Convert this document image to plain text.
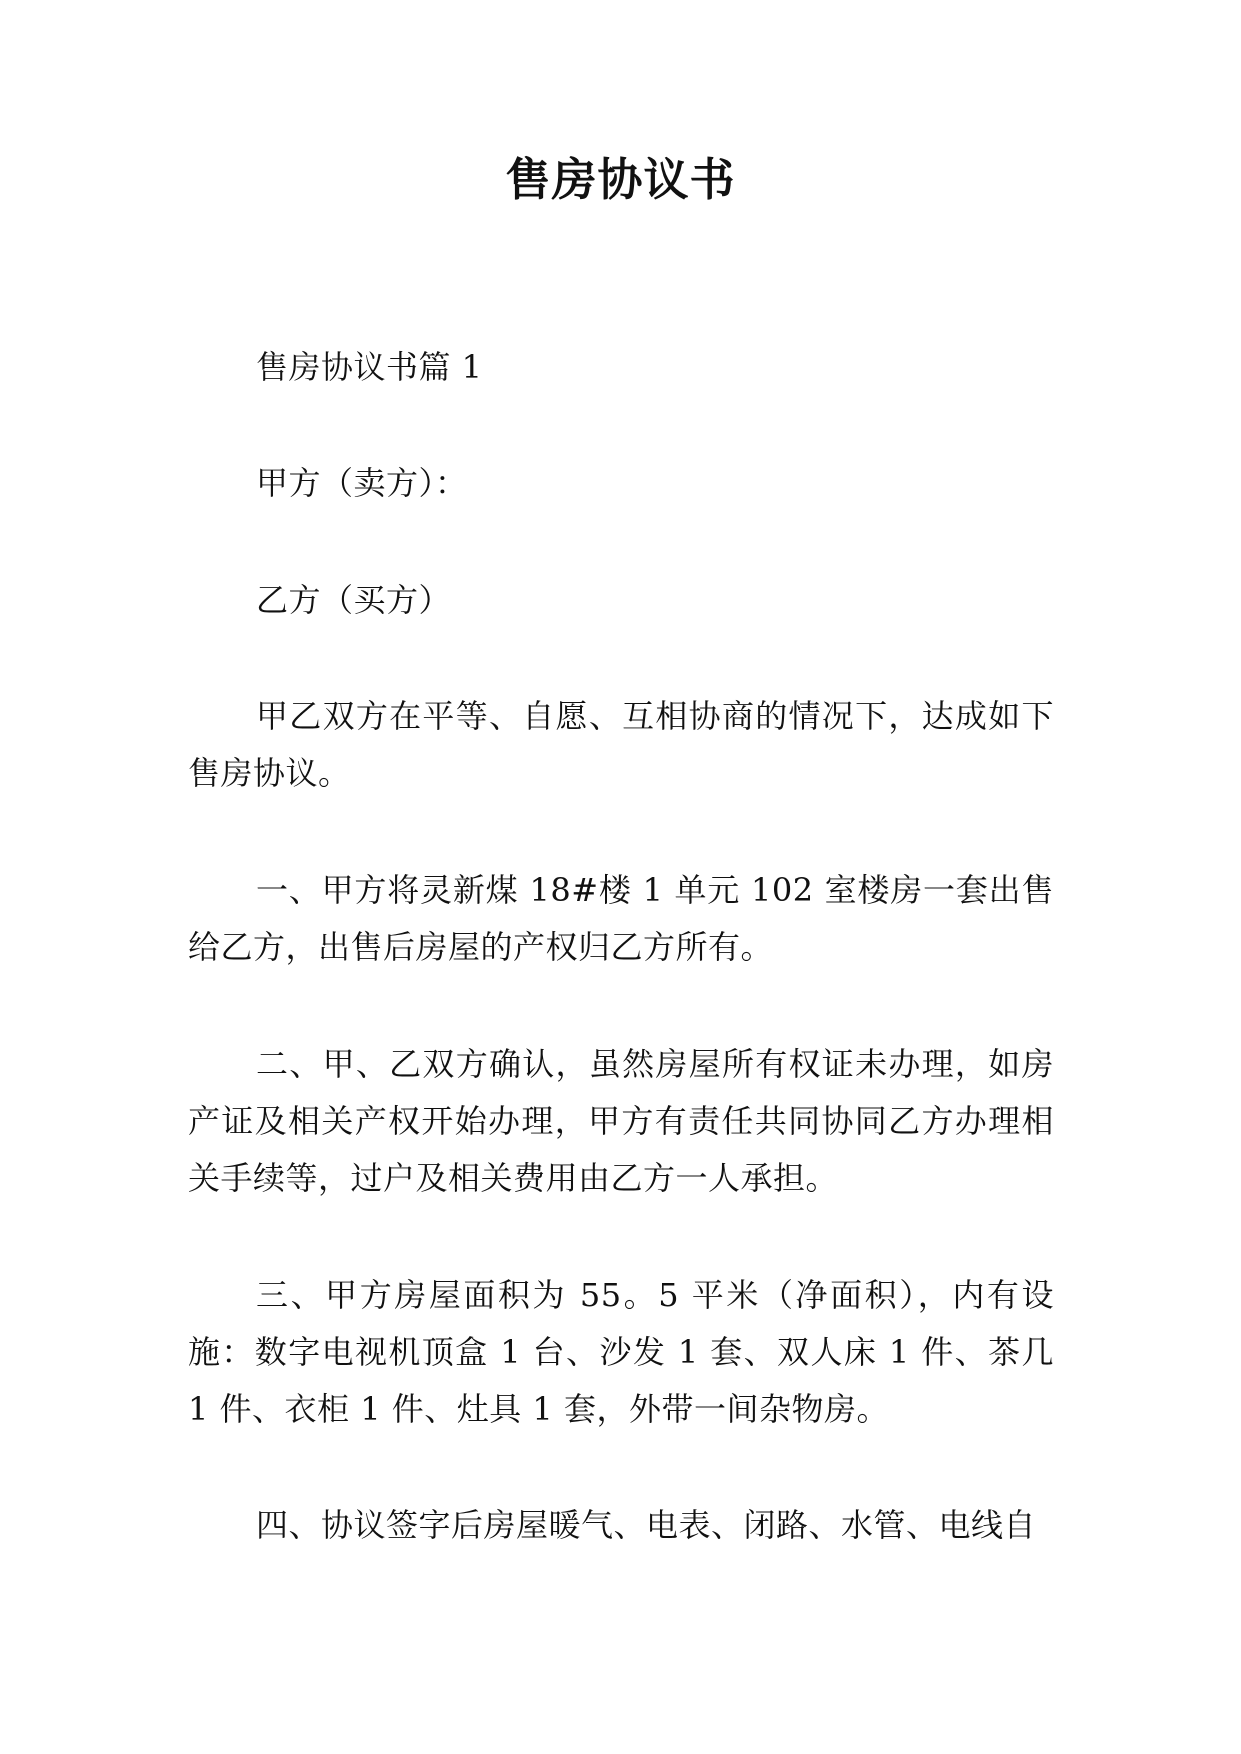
售房协议书

售房协议书篇 1

甲方（卖方）：

乙方（买方）

甲乙双方在平等、自愿、互相协商的情况下，达成如下售房协议。

一、甲方将灵新煤 18#楼 1 单元 102 室楼房一套出售给乙方，出售后房屋的产权归乙方所有。

二、甲、乙双方确认，虽然房屋所有权证未办理，如房产证及相关产权开始办理，甲方有责任共同协同乙方办理相关手续等，过户及相关费用由乙方一人承担。

三、甲方房屋面积为 55。5 平米（净面积），内有设施：数字电视机顶盒 1 台、沙发 1 套、双人床 1 件、茶几 1 件、衣柜 1 件、灶具 1 套，外带一间杂物房。

四、协议签字后房屋暖气、电表、闭路、水管、电线自
